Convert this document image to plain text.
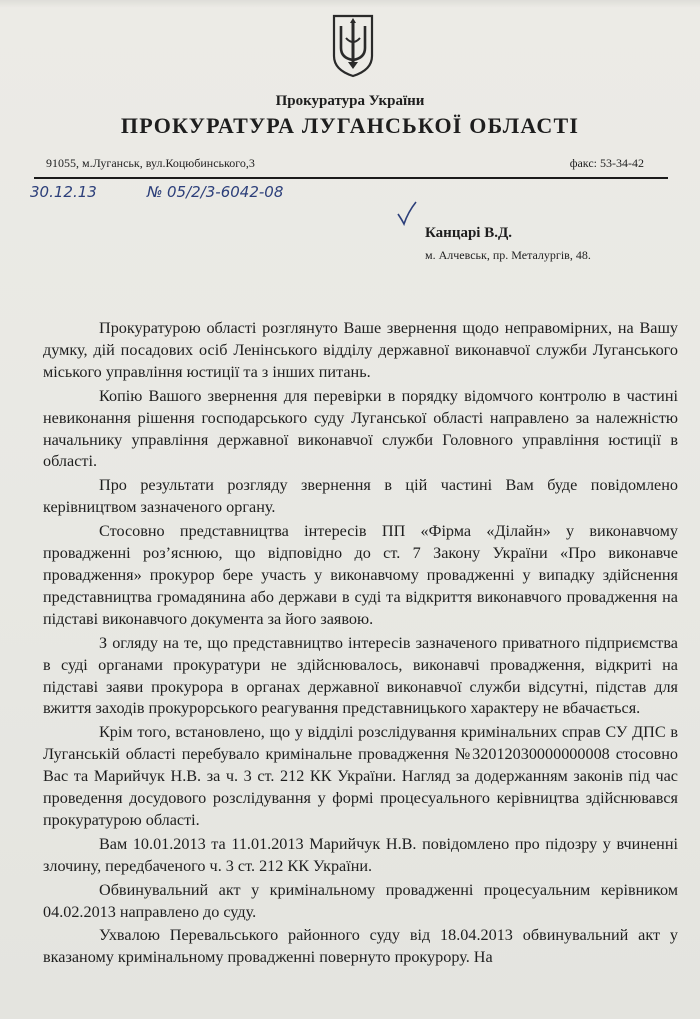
Прокуратура України
ПРОКУРАТУРА ЛУГАНСЬКОЇ ОБЛАСТІ
91055, м.Луганськ, вул.Коцюбинського,3	факс: 53-34-42
30.12.13	№ 05/2/3-6042-08
Канцарі В.Д.
м. Алчевськ, пр. Металургів, 48.

Прокуратурою області розглянуто Ваше звернення щодо неправомірних, на Вашу думку, дій посадових осіб Ленінського відділу державної виконавчої служби Луганського міського управління юстиції та з інших питань.

Копію Вашого звернення для перевірки в порядку відомчого контролю в частині невиконання рішення господарського суду Луганської області направлено за належністю начальнику управління державної виконавчої служби Головного управління юстиції в області.

Про результати розгляду звернення в цій частині Вам буде повідомлено керівництвом зазначеного органу.

Стосовно представництва інтересів ПП «Фірма «Ділайн» у виконавчому провадженні роз’яснюю, що відповідно до ст. 7 Закону України «Про виконавче провадження» прокурор бере участь у виконавчому провадженні у випадку здійснення представництва громадянина або держави в суді та відкриття виконавчого провадження на підставі виконавчого документа за його заявою.

З огляду на те, що представництво інтересів зазначеного приватного підприємства в суді органами прокуратури не здійснювалось, виконавчі провадження, відкриті на підставі заяви прокурора в органах державної виконавчої служби відсутні, підстав для вжиття заходів прокурорського реагування представницького характеру не вбачається.

Крім того, встановлено, що у відділі розслідування кримінальних справ СУ ДПС в Луганській області перебувало кримінальне провадження №32012030000000008 стосовно Вас та Марийчук Н.В. за ч. 3 ст. 212 КК України. Нагляд за додержанням законів під час проведення досудового розслідування у формі процесуального керівництва здійснювався прокуратурою області.

Вам 10.01.2013 та 11.01.2013 Марийчук Н.В. повідомлено про підозру у вчиненні злочину, передбаченого ч. 3 ст. 212 КК України.

Обвинувальний акт у кримінальному провадженні процесуальним керівником 04.02.2013 направлено до суду.

Ухвалою Перевальського районного суду від 18.04.2013 обвинувальний акт у вказаному кримінальному провадженні повернуто прокурору. На
